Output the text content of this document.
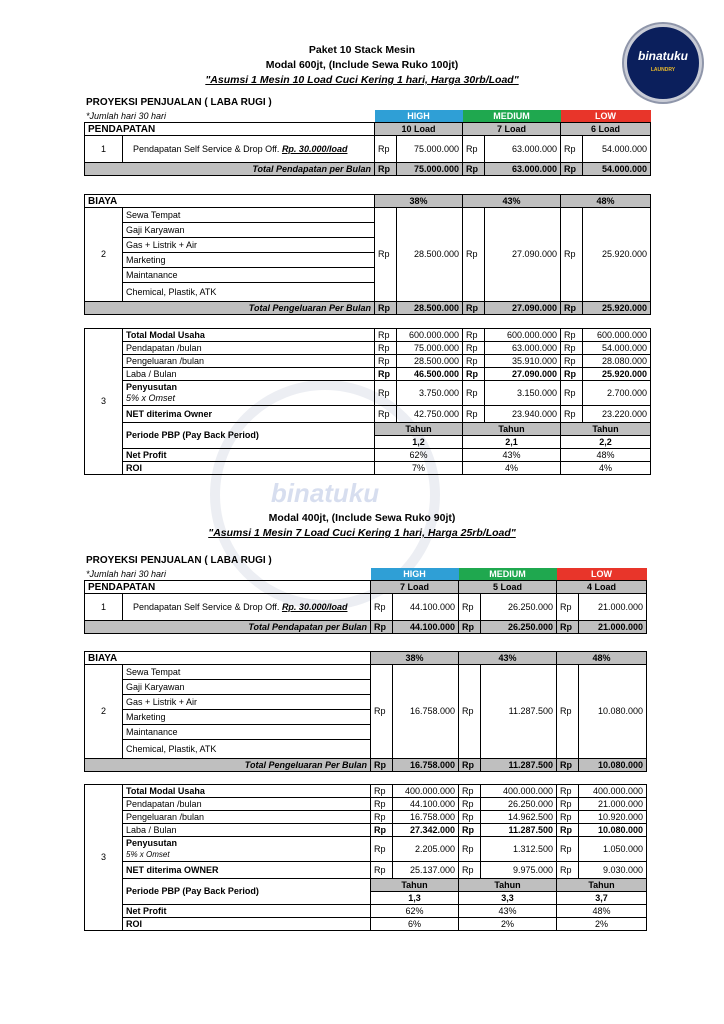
binatuku
LAUNDRY
binatuku
Paket 10 Stack Mesin
Modal 600jt, (Include Sewa Ruko 100jt)
"Asumsi 1 Mesin 10 Load Cuci Kering 1 hari, Harga 30rb/Load"
PROYEKSI PENJUALAN ( LABA RUGI )
*Jumlah hari 30 hari
		HIGH		MEDIUM		LOW	
PENDAPATAN		10 Load		7 Load		6 Load	
1	Pendapatan Self Service & Drop Off. Rp. 30.000/load	Rp	75.000.000	Rp	63.000.000	Rp	54.000.000
Total Pendapatan per Bulan		Rp	75.000.000	Rp	63.000.000	Rp	54.000.000
BIAYA		38%		43%		48%	
2	Sewa Tempat	Rp	28.500.000	Rp	27.090.000	Rp	25.920.000
	Gaji Karyawan						
	Gas + Listrik + Air						
	Marketing						
	Maintanance						
	Chemical, Plastik, ATK						
Total Pengeluaran Per Bulan		Rp	28.500.000	Rp	27.090.000	Rp	25.920.000
3	Total Modal Usaha	Rp	600.000.000	Rp	600.000.000	Rp	600.000.000
	Pendapatan /bulan	Rp	75.000.000	Rp	63.000.000	Rp	54.000.000
	Pengeluaran /bulan	Rp	28.500.000	Rp	35.910.000	Rp	28.080.000
	Laba / Bulan	Rp	46.500.000	Rp	27.090.000	Rp	25.920.000
	Penyusutan
5% x Omset	Rp	3.750.000	Rp	3.150.000	Rp	2.700.000
	NET diterima Owner	Rp	42.750.000	Rp	23.940.000	Rp	23.220.000
	Periode PBP (Pay Back Period)	Tahun		Tahun		Tahun	
		1,2		2,1		2,2	
	Net Profit	62%		43%		48%	
	ROI	7%		4%		4%	
Modal 400jt, (Include Sewa Ruko 90jt)
"Asumsi 1 Mesin 7 Load Cuci Kering 1 hari, Harga 25rb/Load"
PROYEKSI PENJUALAN ( LABA RUGI )
*Jumlah hari 30 hari
		HIGH		MEDIUM		LOW	
PENDAPATAN		7 Load		5 Load		4 Load	
1	Pendapatan Self Service & Drop Off. Rp. 30.000/load	Rp	44.100.000	Rp	26.250.000	Rp	21.000.000
Total Pendapatan per Bulan		Rp	44.100.000	Rp	26.250.000	Rp	21.000.000
BIAYA		38%		43%		48%	
2	Sewa Tempat	Rp	16.758.000	Rp	11.287.500	Rp	10.080.000
	Gaji Karyawan						
	Gas + Listrik + Air						
	Marketing						
	Maintanance						
	Chemical, Plastik, ATK						
Total Pengeluaran Per Bulan		Rp	16.758.000	Rp	11.287.500	Rp	10.080.000
3	Total Modal Usaha	Rp	400.000.000	Rp	400.000.000	Rp	400.000.000
	Pendapatan /bulan	Rp	44.100.000	Rp	26.250.000	Rp	21.000.000
	Pengeluaran /bulan	Rp	16.758.000	Rp	14.962.500	Rp	10.920.000
	Laba / Bulan	Rp	27.342.000	Rp	11.287.500	Rp	10.080.000
	Penyusutan
5% x Omset	Rp	2.205.000	Rp	1.312.500	Rp	1.050.000
	NET diterima OWNER	Rp	25.137.000	Rp	9.975.000	Rp	9.030.000
	Periode PBP (Pay Back Period)	Tahun		Tahun		Tahun	
		1,3		3,3		3,7	
	Net Profit	62%		43%		48%	
	ROI	6%		2%		2%	
